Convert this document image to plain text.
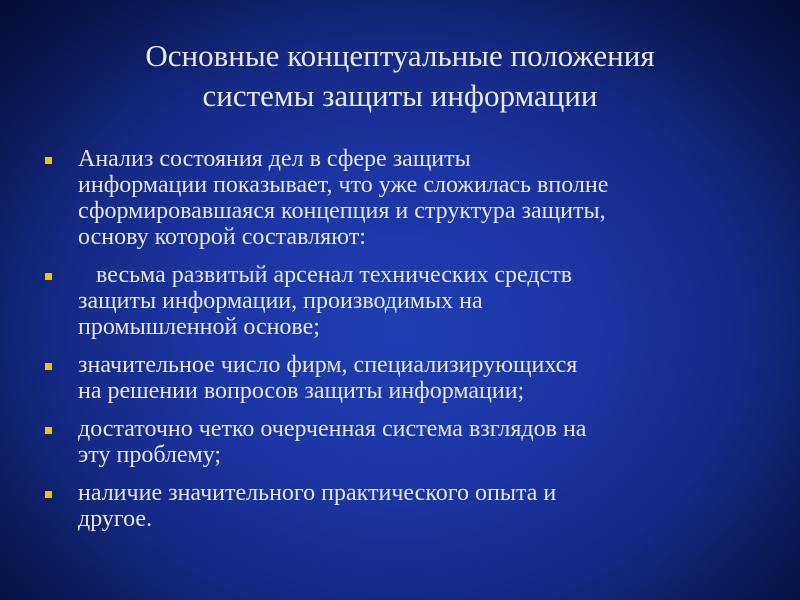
Основные концептуальные положения
системы защиты информации
Анализ состояния дел в сфере защиты
информации показывает, что уже сложилась вполне
сформировавшаяся концепция и структура защиты,
основу которой составляют:
весьма развитый арсенал технических средств
защиты информации, производимых на
промышленной основе;
значительное число фирм, специализирующихся
на решении вопросов защиты информации;
достаточно четко очерченная система взглядов на
эту проблему;
наличие значительного практического опыта и
другое.
